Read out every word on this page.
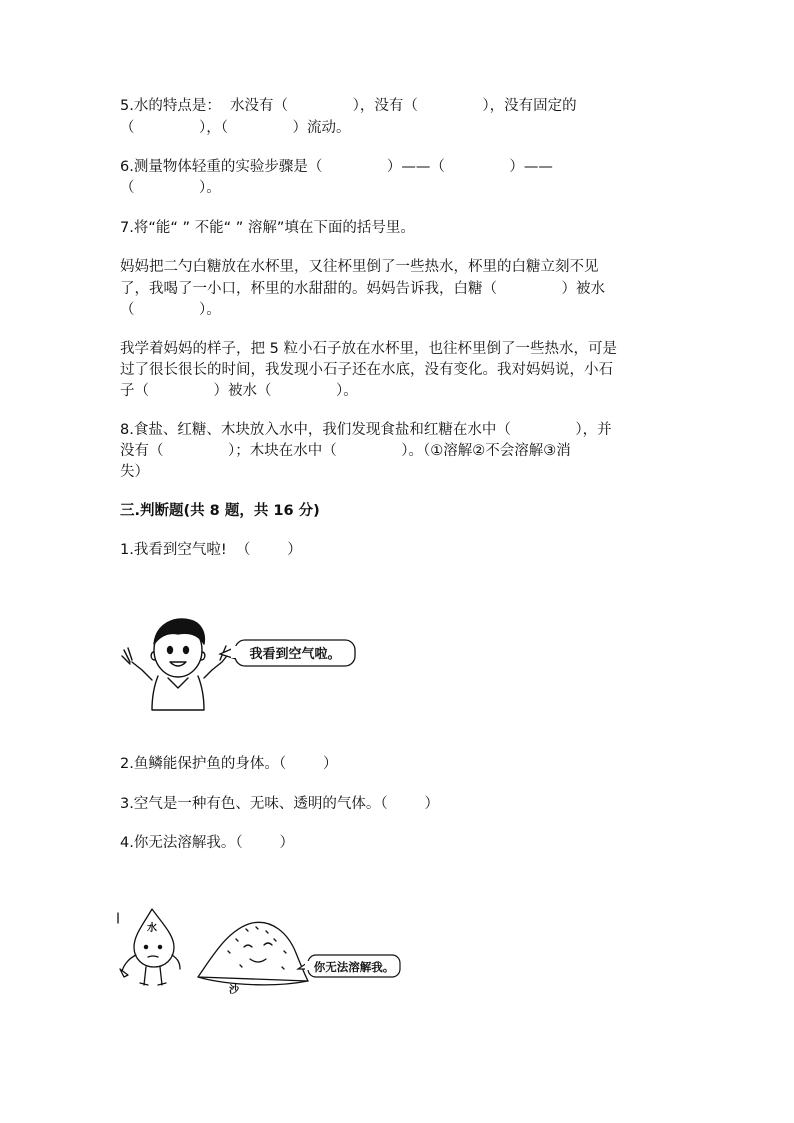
5.水的特点是：  水没有（              ），没有（              ），没有固定的
（              ），（              ）流动。
6.测量物体轻重的实验步骤是（              ）——（              ）——
（              ）。
7.将“能“ ” 不能“ ” 溶解”填在下面的括号里。
妈妈把二勺白糖放在水杯里，又往杯里倒了一些热水，杯里的白糖立刻不见
了，我喝了一小口，杯里的水甜甜的。妈妈告诉我，白糖（              ）被水
（              ）。
我学着妈妈的样子，把 5 粒小石子放在水杯里，也往杯里倒了一些热水，可是
过了很长很长的时间，我发现小石子还在水底，没有变化。我对妈妈说，小石
子（              ）被水（              ）。
8.食盐、红糖、木块放入水中，我们发现食盐和红糖在水中（              ），并
没有（              ）；木块在水中（              ）。（①溶解②不会溶解③消
失）
三.判断题(共 8 题，共 16 分)
1.我看到空气啦!  （        ）
我看到空气啦。
2.鱼鳞能保护鱼的身体。（        ）
3.空气是一种有色、无味、透明的气体。（        ）
4.你无法溶解我。（        ）
水
沙
你无法溶解我。
